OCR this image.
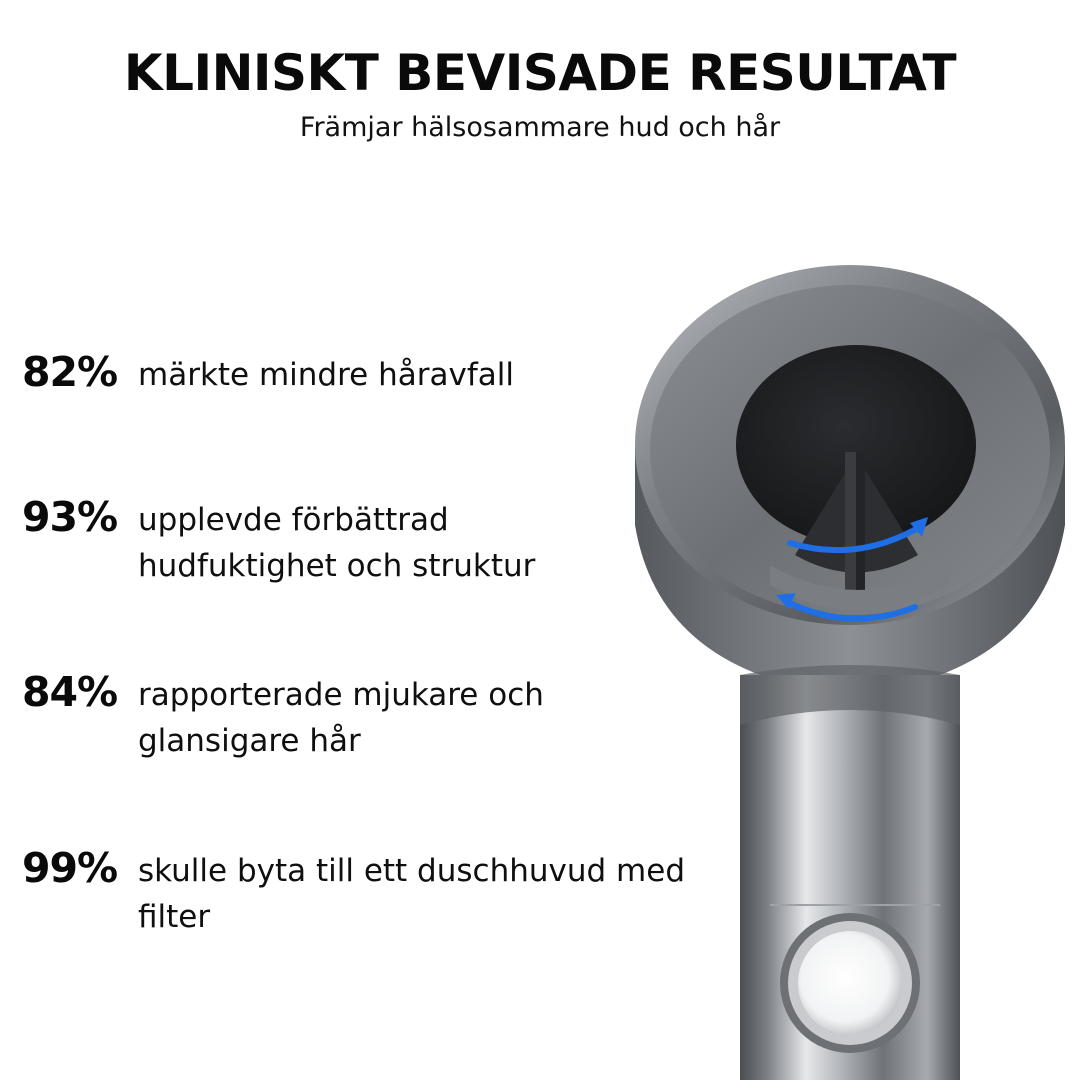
KLINISKT BEVISADE RESULTAT

Främjar hälsosammare hud och hår

82% märkte mindre håravfall
93% upplevde förbättrad hudfuktighet och struktur
84% rapporterade mjukare och glansigare hår
99% skulle byta till ett duschhuvud med filter
